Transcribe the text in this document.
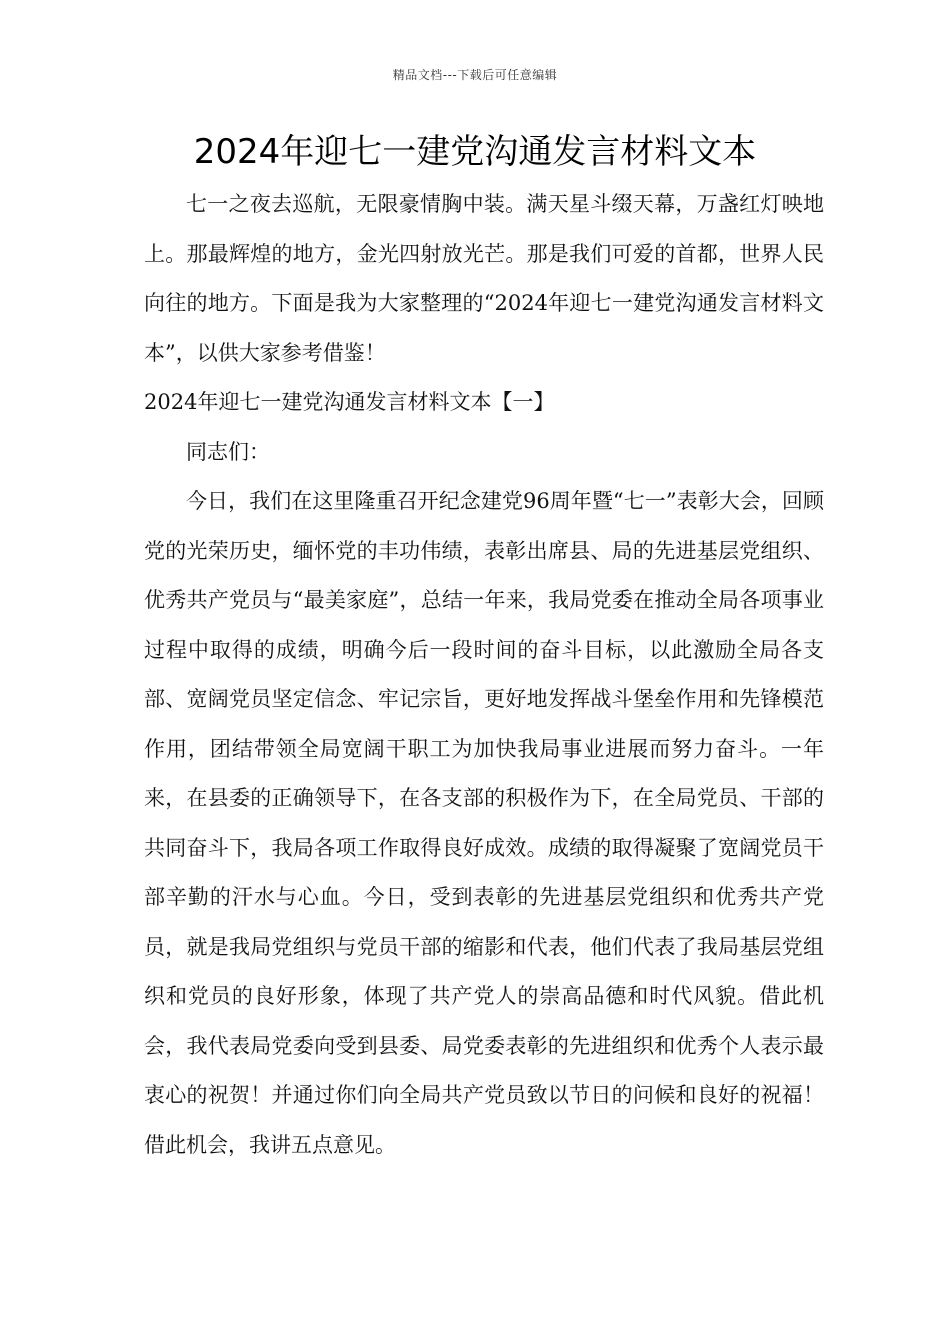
精品文档---下载后可任意编辑
2024年迎七一建党沟通发言材料文本

七一之夜去巡航，无限豪情胸中装。满天星斗缀天幕，万盏红灯映地上。那最辉煌的地方，金光四射放光芒。那是我们可爱的首都，世界人民向往的地方。下面是我为大家整理的“2024年迎七一建党沟通发言材料文本”，以供大家参考借鉴！

2024年迎七一建党沟通发言材料文本【一】

同志们：

今日，我们在这里隆重召开纪念建党96周年暨“七一”表彰大会，回顾党的光荣历史，缅怀党的丰功伟绩，表彰出席县、局的先进基层党组织、优秀共产党员与“最美家庭”，总结一年来，我局党委在推动全局各项事业过程中取得的成绩，明确今后一段时间的奋斗目标，以此激励全局各支部、宽阔党员坚定信念、牢记宗旨，更好地发挥战斗堡垒作用和先锋模范作用，团结带领全局宽阔干职工为加快我局事业进展而努力奋斗。一年来，在县委的正确领导下，在各支部的积极作为下，在全局党员、干部的共同奋斗下，我局各项工作取得良好成效。成绩的取得凝聚了宽阔党员干部辛勤的汗水与心血。今日，受到表彰的先进基层党组织和优秀共产党员，就是我局党组织与党员干部的缩影和代表，他们代表了我局基层党组织和党员的良好形象，体现了共产党人的崇高品德和时代风貌。借此机会，我代表局党委向受到县委、局党委表彰的先进组织和优秀个人表示最衷心的祝贺！并通过你们向全局共产党员致以节日的问候和良好的祝福！借此机会，我讲五点意见。
